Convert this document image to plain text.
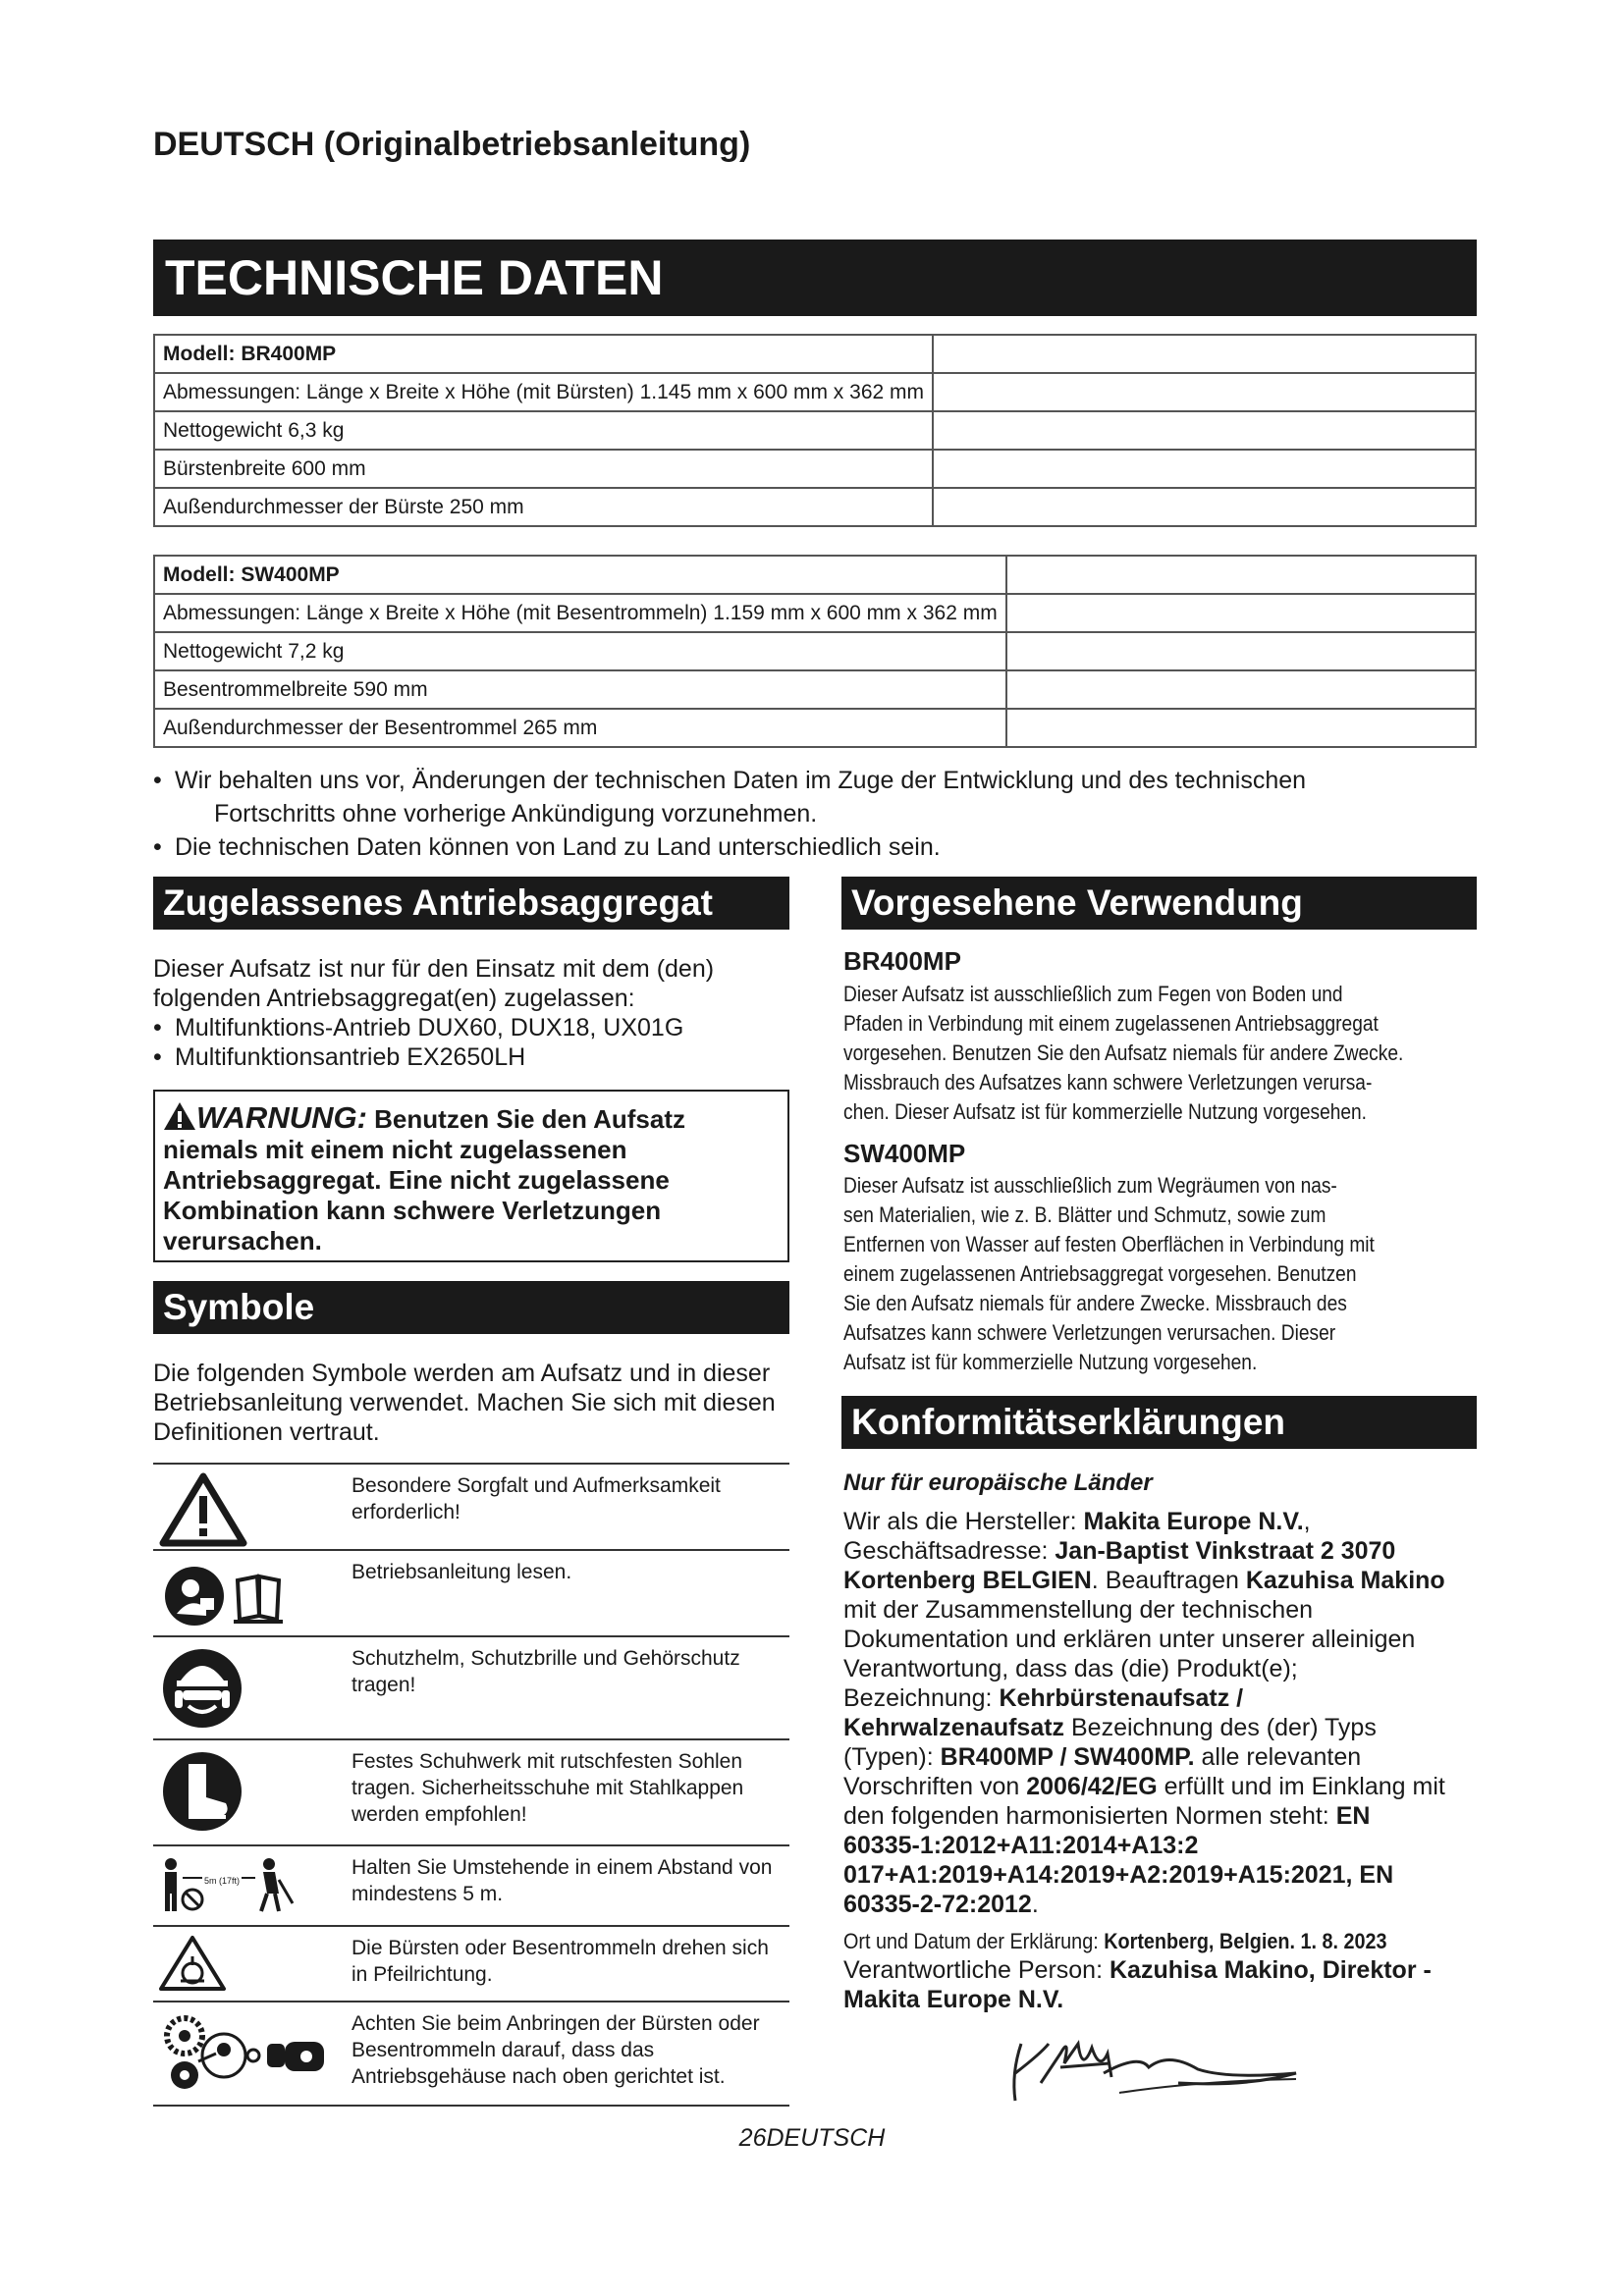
DEUTSCH (Originalbetriebsanleitung)
TECHNISCHE DATEN
Modell: BR400MP	
Abmessungen: Länge x Breite x Höhe (mit Bürsten) 1.145 mm x 600 mm x 362 mm	
Nettogewicht 6,3 kg	
Bürstenbreite 600 mm	
Außendurchmesser der Bürste 250 mm	
Modell: SW400MP	
Abmessungen: Länge x Breite x Höhe (mit Besentrommeln) 1.159 mm x 600 mm x 362 mm	
Nettogewicht 7,2 kg	
Besentrommelbreite 590 mm	
Außendurchmesser der Besentrommel 265 mm	
• Wir behalten uns vor, Änderungen der technischen Daten im Zuge der Entwicklung und des technischen
Fortschritts ohne vorherige Ankündigung vorzunehmen.
• Die technischen Daten können von Land zu Land unterschiedlich sein.
Zugelassenes Antriebsaggregat
Dieser Aufsatz ist nur für den Einsatz mit dem (den) folgenden Antriebsaggregat(en) zugelassen:
• Multifunktions-Antrieb DUX60, DUX18, UX01G
• Multifunktionsantrieb EX2650LH
WARNUNG: Benutzen Sie den Aufsatz niemals mit einem nicht zugelassenen Antriebsaggregat. Eine nicht zugelassene Kombination kann schwere Verletzungen verursachen.
Symbole
Die folgenden Symbole werden am Aufsatz und in dieser Betriebsanleitung verwendet. Machen Sie sich mit diesen Definitionen vertraut.
Besondere Sorgfalt und Aufmerksamkeit erforderlich!
Betriebsanleitung lesen.
Schutzhelm, Schutzbrille und Gehörschutz tragen!
Festes Schuhwerk mit rutschfesten Sohlen tragen. Sicherheitsschuhe mit Stahlkappen werden empfohlen!
5m (17ft)
Halten Sie Umstehende in einem Abstand von mindestens 5 m.
Die Bürsten oder Besentrommeln drehen sich in Pfeilrichtung.
Achten Sie beim Anbringen der Bürsten oder Besentrommeln darauf, dass das Antriebsgehäuse nach oben gerichtet ist.
Vorgesehene Verwendung
BR400MP
Dieser Aufsatz ist ausschließlich zum Fegen von Boden und
Pfaden in Verbindung mit einem zugelassenen Antriebsaggregat
vorgesehen. Benutzen Sie den Aufsatz niemals für andere Zwecke.
Missbrauch des Aufsatzes kann schwere Verletzungen verursa-
chen. Dieser Aufsatz ist für kommerzielle Nutzung vorgesehen.
SW400MP
Dieser Aufsatz ist ausschließlich zum Wegräumen von nas-
sen Materialien, wie z. B. Blätter und Schmutz, sowie zum
Entfernen von Wasser auf festen Oberflächen in Verbindung mit
einem zugelassenen Antriebsaggregat vorgesehen. Benutzen
Sie den Aufsatz niemals für andere Zwecke. Missbrauch des
Aufsatzes kann schwere Verletzungen verursachen. Dieser
Aufsatz ist für kommerzielle Nutzung vorgesehen.
Konformitätserklärungen
Nur für europäische Länder
Wir als die Hersteller: Makita Europe N.V., Geschäftsadresse: Jan-Baptist Vinkstraat 2 3070 Kortenberg BELGIEN. Beauftragen Kazuhisa Makino mit der Zusammenstellung der technischen Dokumentation und erklären unter unserer alleinigen Verantwortung, dass das (die) Produkt(e); Bezeichnung: Kehrbürstenaufsatz / Kehrwalzenaufsatz Bezeichnung des (der) Typs (Typen): BR400MP / SW400MP. alle relevanten Vorschriften von 2006/42/EG erfüllt und im Einklang mit den folgenden harmonisierten Normen steht: EN 60335-1:2012+A11:2014+A13:2 017+A1:2019+A14:2019+A2:2019+A15:2021, EN 60335-2-72:2012.
Ort und Datum der Erklärung: Kortenberg, Belgien. 1. 8. 2023
Verantwortliche Person: Kazuhisa Makino, Direktor - Makita Europe N.V.
26DEUTSCH
